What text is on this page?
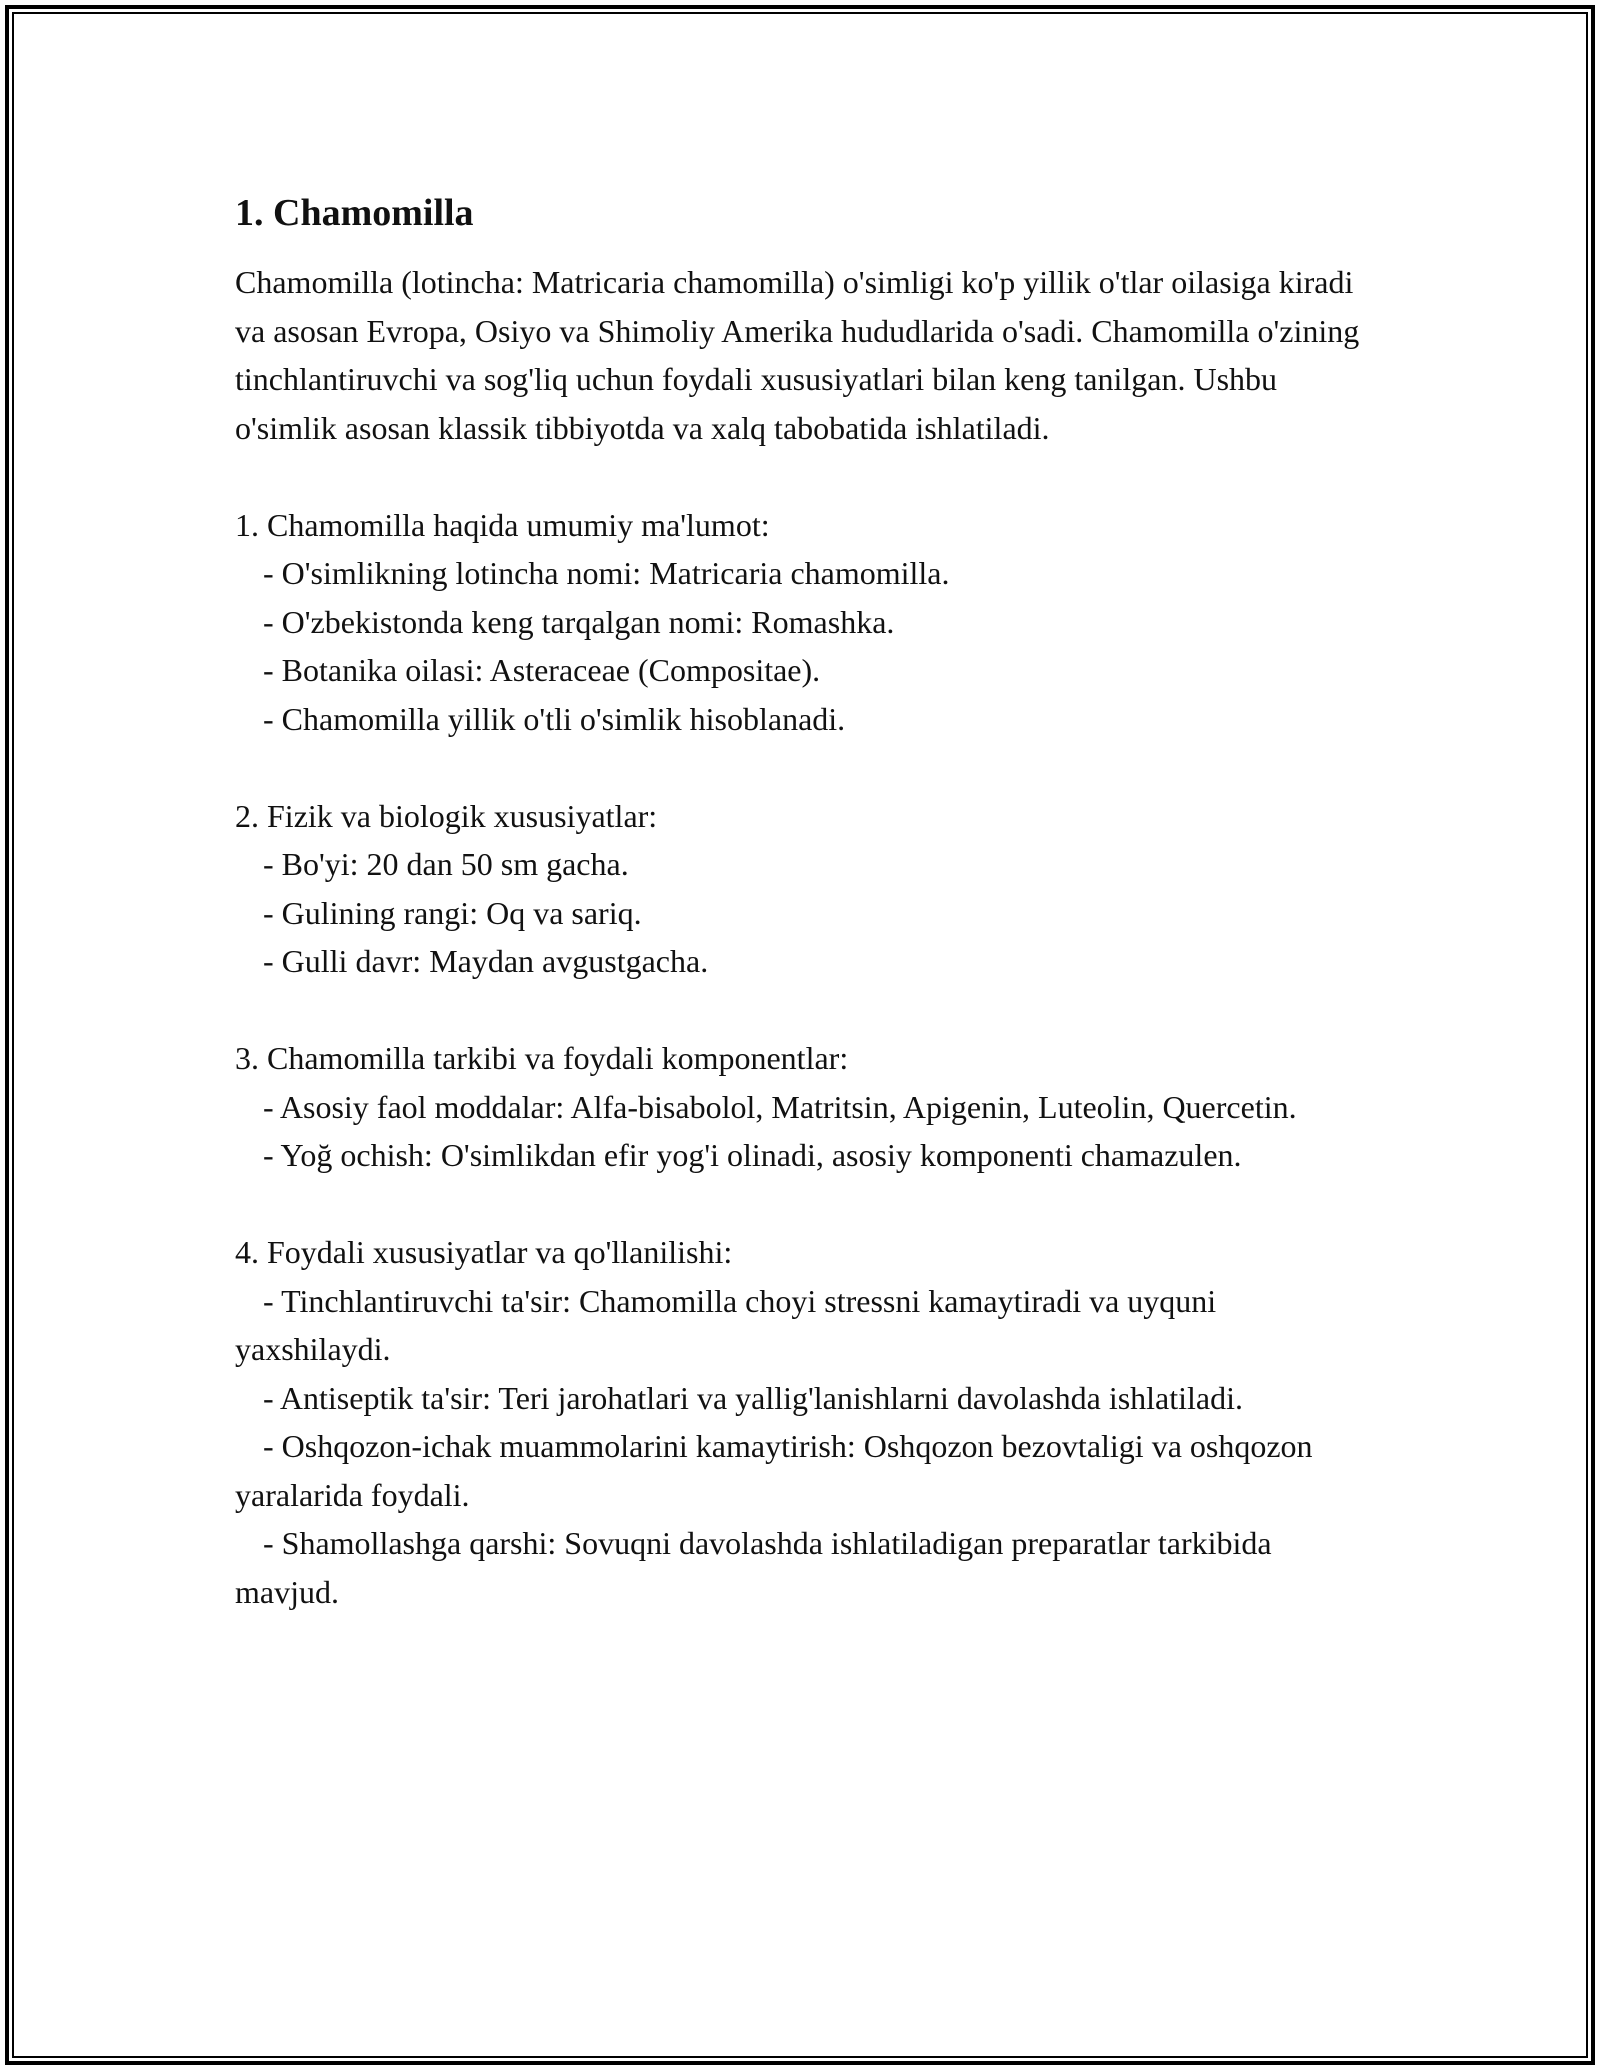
1. Chamomilla

Chamomilla (lotincha: Matricaria chamomilla) o'simligi ko'p yillik o'tlar oilasiga kiradi va asosan Evropa, Osiyo va Shimoliy Amerika hududlarida o'sadi. Chamomilla o'zining tinchlantiruvchi va sog'liq uchun foydali xususiyatlari bilan keng tanilgan. Ushbu o'simlik asosan klassik tibbiyotda va xalq tabobatida ishlatiladi.

1. Chamomilla haqida umumiy ma'lumot:

- O'simlikning lotincha nomi: Matricaria chamomilla.

- O'zbekistonda keng tarqalgan nomi: Romashka.

- Botanika oilasi: Asteraceae (Compositae).

- Chamomilla yillik o'tli o'simlik hisoblanadi.

2. Fizik va biologik xususiyatlar:

- Bo'yi: 20 dan 50 sm gacha.

- Gulining rangi: Oq va sariq.

- Gulli davr: Maydan avgustgacha.

3. Chamomilla tarkibi va foydali komponentlar:

- Asosiy faol moddalar: Alfa-bisabolol, Matritsin, Apigenin, Luteolin, Quercetin.

- Yoğ ochish: O'simlikdan efir yog'i olinadi, asosiy komponenti chamazulen.

4. Foydali xususiyatlar va qo'llanilishi:

- Tinchlantiruvchi ta'sir: Chamomilla choyi stressni kamaytiradi va uyquni yaxshilaydi.

- Antiseptik ta'sir: Teri jarohatlari va yallig'lanishlarni davolashda ishlatiladi.

- Oshqozon-ichak muammolarini kamaytirish: Oshqozon bezovtaligi va oshqozon yaralarida foydali.

- Shamollashga qarshi: Sovuqni davolashda ishlatiladigan preparatlar tarkibida mavjud.
